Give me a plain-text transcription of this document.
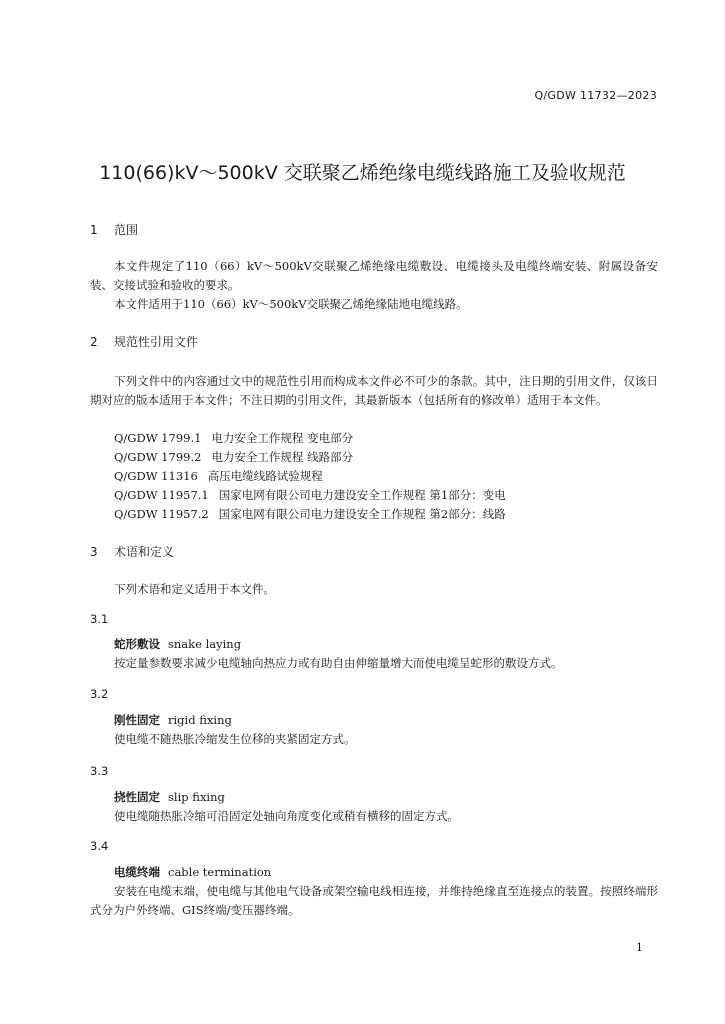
Q/GDW 11732—2023
110(66)kV～500kV 交联聚乙烯绝缘电缆线路施工及验收规范
1 范围
本文件规定了110（66）kV～500kV交联聚乙烯绝缘电缆敷设、电缆接头及电缆终端安装、附属设备安装、交接试验和验收的要求。
本文件适用于110（66）kV～500kV交联聚乙烯绝缘陆地电缆线路。
2 规范性引用文件
下列文件中的内容通过文中的规范性引用而构成本文件必不可少的条款。其中，注日期的引用文件，仅该日期对应的版本适用于本文件；不注日期的引用文件，其最新版本（包括所有的修改单）适用于本文件。
Q/GDW 1799.1 电力安全工作规程 变电部分
Q/GDW 1799.2 电力安全工作规程 线路部分
Q/GDW 11316 高压电缆线路试验规程
Q/GDW 11957.1 国家电网有限公司电力建设安全工作规程 第1部分：变电
Q/GDW 11957.2 国家电网有限公司电力建设安全工作规程 第2部分：线路
3 术语和定义
下列术语和定义适用于本文件。
3.1
蛇形敷设 snake laying
按定量参数要求减少电缆轴向热应力或有助自由伸缩量增大而使电缆呈蛇形的敷设方式。
3.2
刚性固定 rigid fixing
使电缆不随热胀冷缩发生位移的夹紧固定方式。
3.3
挠性固定 slip fixing
使电缆随热胀冷缩可沿固定处轴向角度变化或稍有横移的固定方式。
3.4
电缆终端 cable termination
安装在电缆末端，使电缆与其他电气设备或架空输电线相连接，并维持绝缘直至连接点的装置。按照终端形式分为户外终端、GIS终端/变压器终端。
1
